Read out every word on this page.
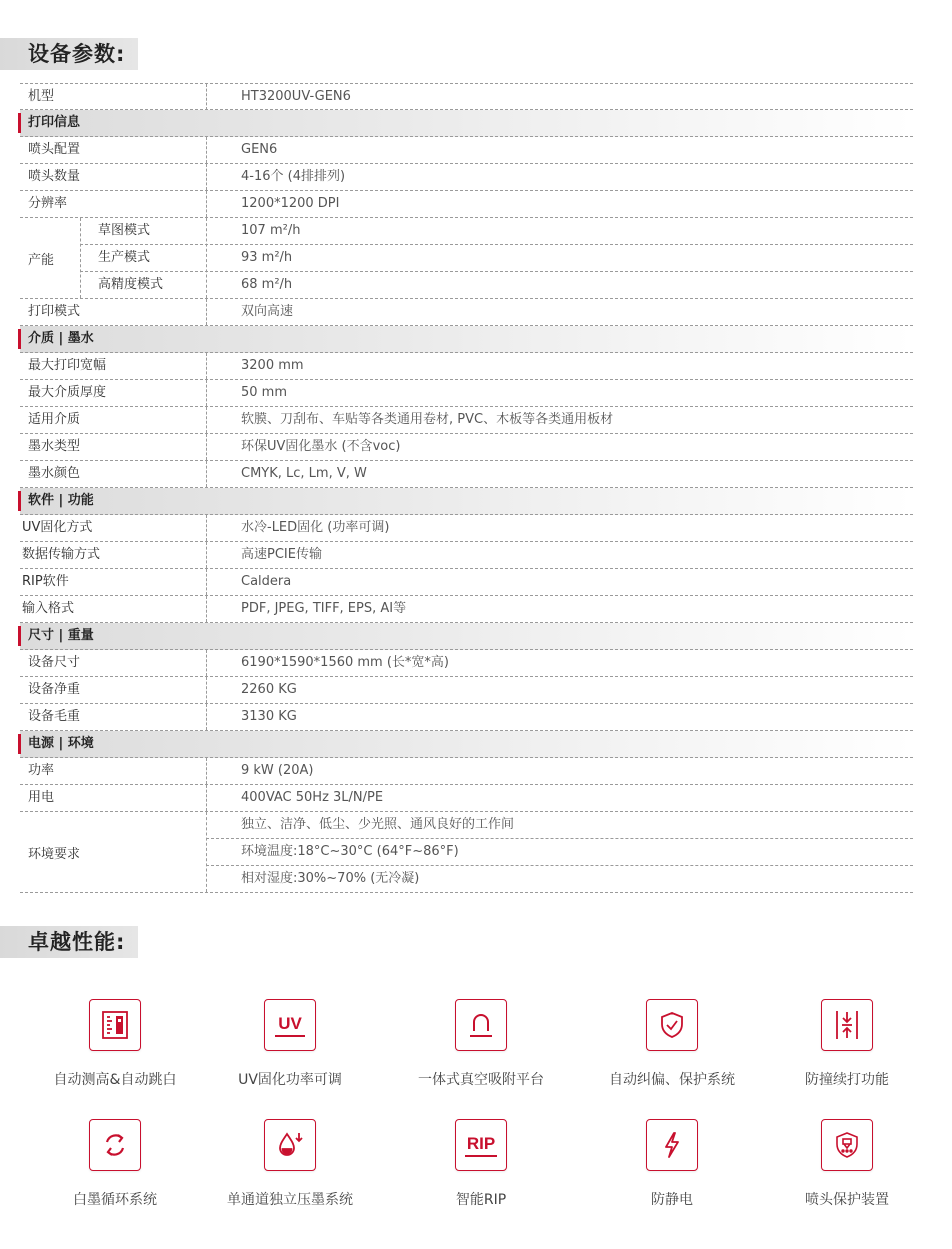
设备参数:
机型	HT3200UV-GEN6
打印信息
喷头配置	GEN6
喷头数量	4-16个 (4排排列)
分辨率	1200*1200 DPI
产能
草图模式	107 m²/h
生产模式	93 m²/h
高精度模式	68 m²/h
打印模式	双向高速
介质 | 墨水
最大打印宽幅	3200 mm
最大介质厚度	50 mm
适用介质	软膜、刀刮布、车贴等各类通用卷材, PVC、木板等各类通用板材
墨水类型	环保UV固化墨水 (不含voc)
墨水颜色	CMYK, Lc, Lm, V, W
软件 | 功能
UV固化方式	水冷-LED固化 (功率可调)
数据传输方式	高速PCIE传输
RIP软件	Caldera
输入格式	PDF, JPEG, TIFF, EPS, AI等
尺寸 | 重量
设备尺寸	6190*1590*1560 mm (长*宽*高)
设备净重	2260 KG
设备毛重	3130 KG
电源 | 环境
功率	9 kW (20A)
用电	400VAC 50Hz 3L/N/PE
环境要求
独立、洁净、低尘、少光照、通风良好的工作间
环境温度:18°C~30°C (64°F~86°F)
相对湿度:30%~70% (无冷凝)
卓越性能:
自动测高&自动跳白
UV
UV固化功率可调	一体式真空吸附平台	自动纠偏、保护系统	防撞续打功能
白墨循环系统	单通道独立压墨系统
RIP
智能RIP	防静电	喷头保护装置
